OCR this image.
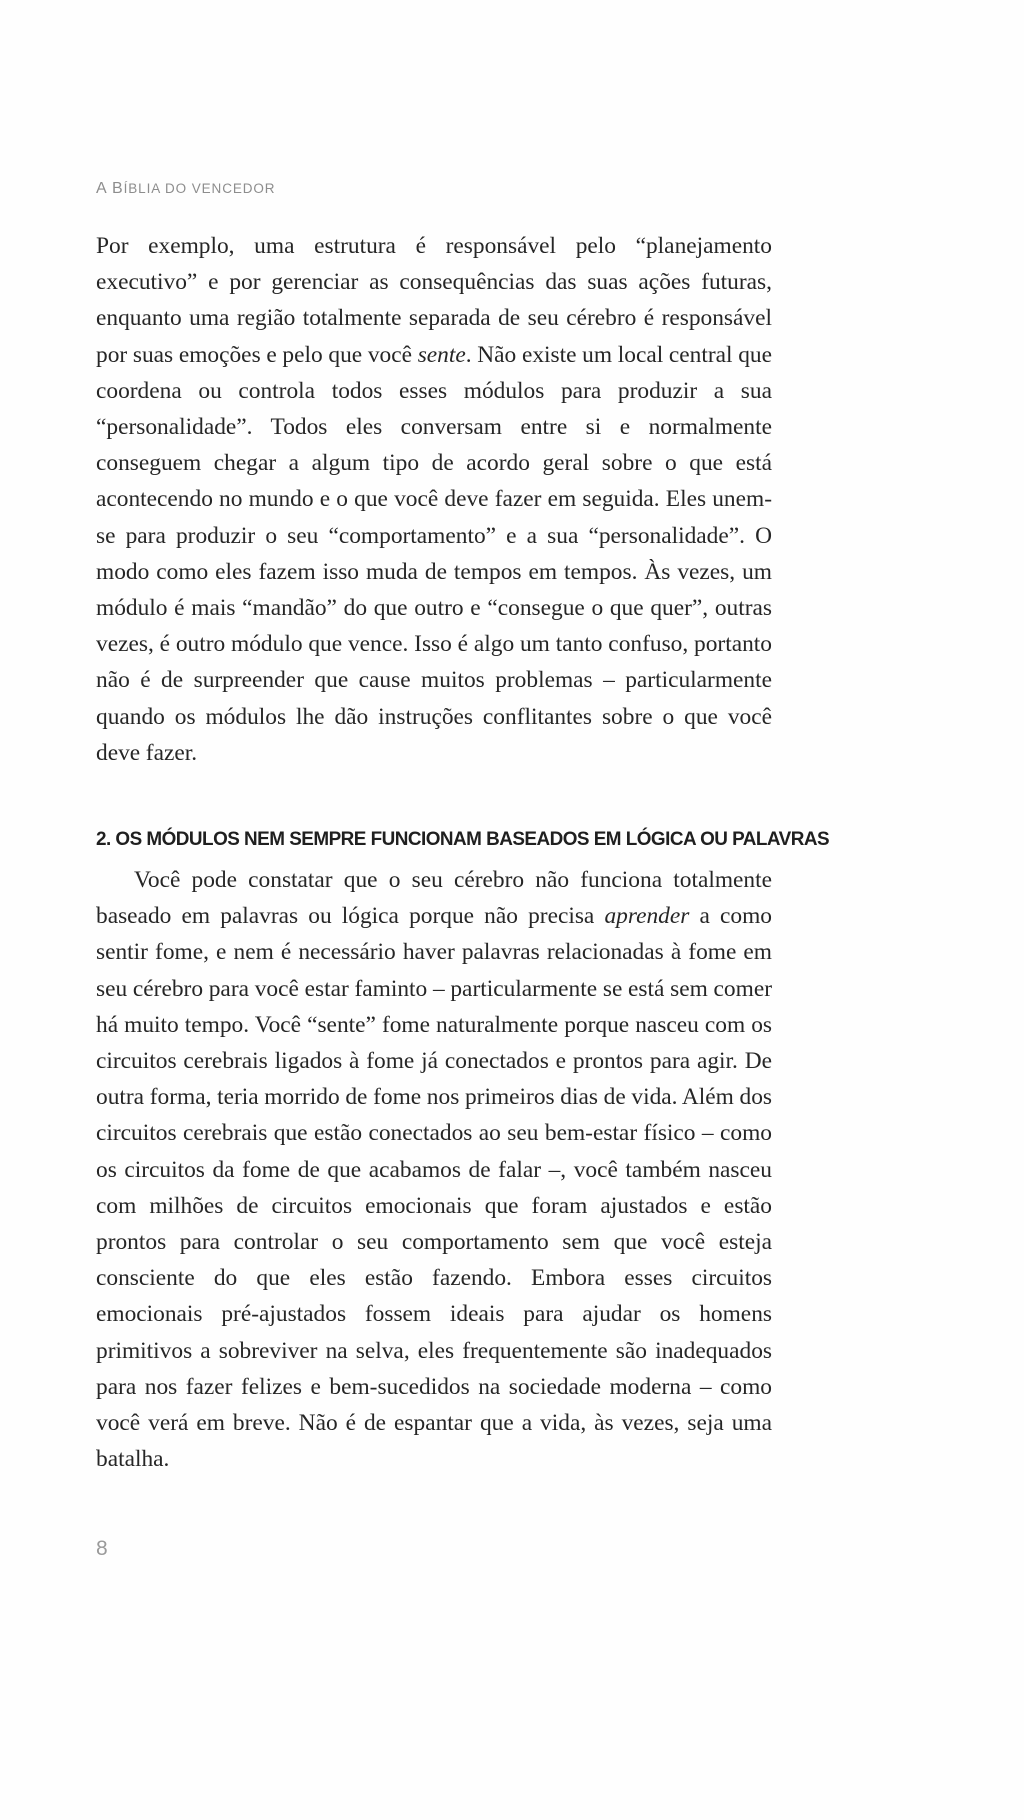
A BÍBLIA DO VENCEDOR

Por exemplo, uma estrutura é responsável pelo “planejamento executivo” e por gerenciar as consequências das suas ações futuras, enquanto uma região totalmente separada de seu cérebro é responsável por suas emoções e pelo que você sente. Não existe um local central que coordena ou controla todos esses módulos para produzir a sua “personalidade”. Todos eles conversam entre si e normalmente conseguem chegar a algum tipo de acordo geral sobre o que está acontecendo no mundo e o que você deve fazer em seguida. Eles unem-se para produzir o seu “comportamento” e a sua “personalidade”. O modo como eles fazem isso muda de tempos em tempos. Às vezes, um módulo é mais “mandão” do que outro e “consegue o que quer”, outras vezes, é outro módulo que vence. Isso é algo um tanto confuso, portanto não é de surpreender que cause muitos problemas – particularmente quando os módulos lhe dão instruções conflitantes sobre o que você deve fazer.

2. OS MÓDULOS NEM SEMPRE FUNCIONAM BASEADOS EM LÓGICA OU PALAVRAS

Você pode constatar que o seu cérebro não funciona totalmente baseado em palavras ou lógica porque não precisa aprender a como sentir fome, e nem é necessário haver palavras relacionadas à fome em seu cérebro para você estar faminto – particularmente se está sem comer há muito tempo. Você “sente” fome naturalmente porque nasceu com os circuitos cerebrais ligados à fome já conectados e prontos para agir. De outra forma, teria morrido de fome nos primeiros dias de vida. Além dos circuitos cerebrais que estão conectados ao seu bem-estar físico – como os circuitos da fome de que acabamos de falar –, você também nasceu com milhões de circuitos emocionais que foram ajustados e estão prontos para controlar o seu comportamento sem que você esteja consciente do que eles estão fazendo. Embora esses circuitos emocionais pré-ajustados fossem ideais para ajudar os homens primitivos a sobreviver na selva, eles frequentemente são inadequados para nos fazer felizes e bem-sucedidos na sociedade moderna – como você verá em breve. Não é de espantar que a vida, às vezes, seja uma batalha.

8
